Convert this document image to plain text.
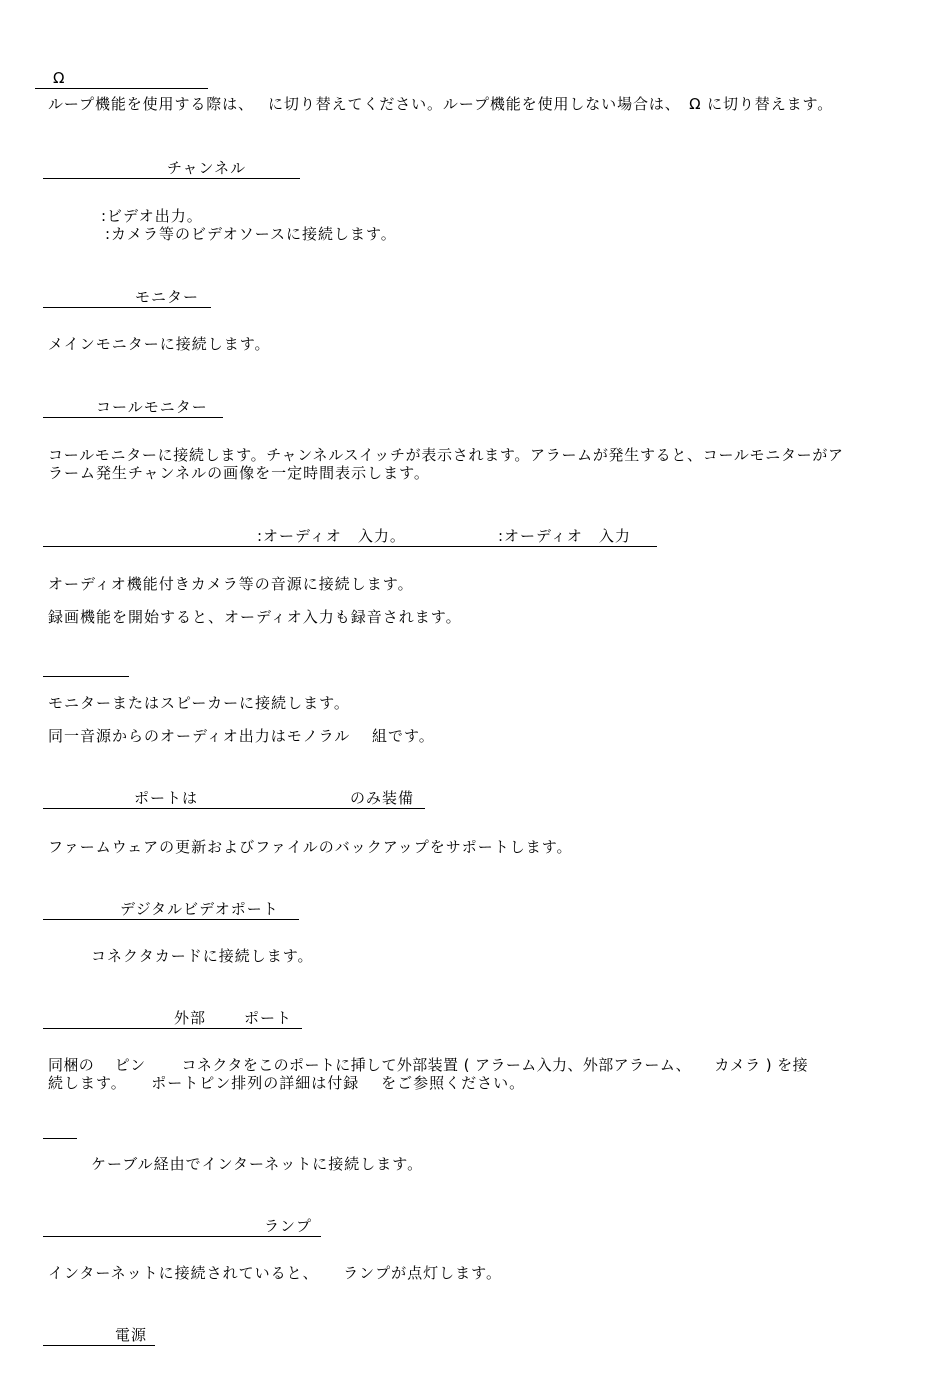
Ω
ループ機能を使用する際は、　 に切り替えてください。ループ機能を使用しない場合は、　Ω に切り替えます。
チャンネル
:ビデオ出力。
:カメラ等のビデオソースに接続します。
モニター
メインモニターに接続します。
コールモニター
コールモニターに接続します。チャンネルスイッチが表示されます。アラームが発生すると、コールモニターがア
ラーム発生チャンネルの画像を一定時間表示します。
:オーディオ　入力。	:オーディオ　入力
オーディオ機能付きカメラ等の音源に接続します。
録画機能を開始すると、オーディオ入力も録音されます。
モニターまたはスピーカーに接続します。
同一音源からのオーディオ出力はモノラル　 組です。
ポートは	のみ装備
ファームウェアの更新およびファイルのバックアップをサポートします。
デジタルビデオポート
コネクタカードに接続します。
外部	ポート
同梱の　 ピン　　 コネクタをこのポートに挿して外部装置 ( アラーム入力、外部アラーム、　　カメラ ) を接
続します。　　ポートピン排列の詳細は付録　 をご参照ください。
ケーブル経由でインターネットに接続します。
ランプ
インターネットに接続されていると、　　ランプが点灯します。
電源
